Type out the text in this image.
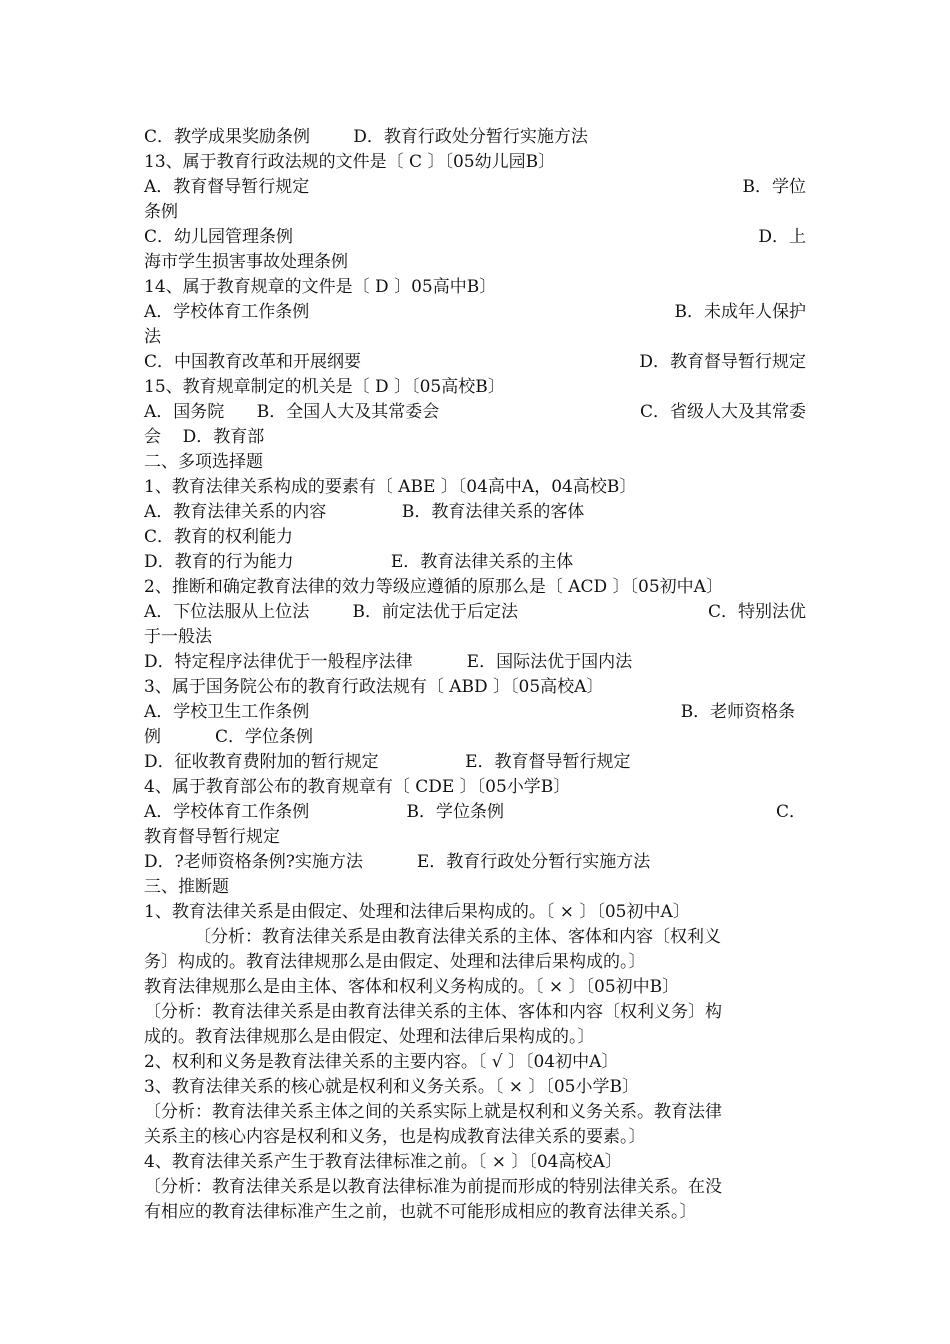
C．教学成果奖励条例        D．教育行政处分暂行实施方法
13、属于教育行政法规的文件是〔 C 〕〔05幼儿园B〕
A．教育督导暂行规定	B．学位
条例
C．幼儿园管理条例	D．上
海市学生损害事故处理条例
14、属于教育规章的文件是〔 D 〕05高中B〕
A．学校体育工作条例	B．未成年人保护
法
C．中国教育改革和开展纲要	D．教育督导暂行规定
15、教育规章制定的机关是〔 D 〕〔05高校B〕
A．国务院      B．全国人大及其常委会	C．省级人大及其常委
会    D．教育部
二、多项选择题
1、教育法律关系构成的要素有〔 ABE 〕〔04高中A，04高校B〕
A．教育法律关系的内容              B．教育法律关系的客体
C．教育的权利能力
D．教育的行为能力                  E．教育法律关系的主体
2、推断和确定教育法律的效力等级应遵循的原那么是〔 ACD 〕〔05初中A〕
A．下位法服从上位法        B．前定法优于后定法	C．特别法优
于一般法
D．特定程序法律优于一般程序法律          E．国际法优于国内法
3、属于国务院公布的教育行政法规有〔 ABD 〕〔05高校A〕
A．学校卫生工作条例	B．老师资格条
例          C．学位条例
D．征收教育费附加的暂行规定                E．教育督导暂行规定
4、属于教育部公布的教育规章有〔 CDE 〕〔05小学B〕
A．学校体育工作条例                  B．学位条例	C．
教育督导暂行规定
D．?老师资格条例?实施方法          E．教育行政处分暂行实施方法
三、推断题
1、教育法律关系是由假定、处理和法律后果构成的。〔 × 〕〔05初中A〕
〔分析：教育法律关系是由教育法律关系的主体、客体和内容〔权利义
务〕构成的。教育法律规那么是由假定、处理和法律后果构成的。〕
教育法律规那么是由主体、客体和权利义务构成的。〔 × 〕〔05初中B〕
〔分析：教育法律关系是由教育法律关系的主体、客体和内容〔权利义务〕构
成的。教育法律规那么是由假定、处理和法律后果构成的。〕
2、权利和义务是教育法律关系的主要内容。〔 √ 〕〔04初中A〕
3、教育法律关系的核心就是权利和义务关系。〔 × 〕〔05小学B〕
〔分析：教育法律关系主体之间的关系实际上就是权利和义务关系。教育法律
关系主的核心内容是权利和义务，也是构成教育法律关系的要素。〕
4、教育法律关系产生于教育法律标准之前。〔 × 〕〔04高校A〕
〔分析：教育法律关系是以教育法律标准为前提而形成的特别法律关系。在没
有相应的教育法律标准产生之前，也就不可能形成相应的教育法律关系。〕
